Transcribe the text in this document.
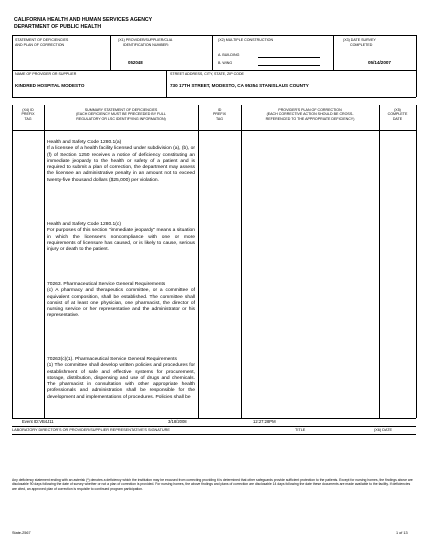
CALIFORNIA HEALTH AND HUMAN SERVICES AGENCY
DEPARTMENT OF PUBLIC HEALTH
STATEMENT OF DEFICIENCIES
AND PLAN OF CORRECTION
(X1) PROVIDER/SUPPLIER/CLIA
IDENTIFICATION NUMBER:
052048
(X2) MULTIPLE CONSTRUCTION
A. BUILDING
B. WING
(X3) DATE SURVEY
COMPLETED
05/14/2007
NAME OF PROVIDER OR SUPPLIER
KINDRED HOSPITAL MODESTO
STREET ADDRESS, CITY, STATE, ZIP CODE
730 17TH STREET, MODESTO, CA 95354 STANISLAUS COUNTY
(X4) ID
PREFIX
TAG
SUMMARY STATEMENT OF DEFICIENCIES
(EACH DEFICIENCY MUST BE PRECEEDED BY FULL
REGULATORY OR LSC IDENTIFYING INFORMATION)
ID
PREFIX
TAG
PROVIDER'S PLAN OF CORRECTION
(EACH CORRECTIVE ACTION SHOULD BE CROSS-
REFERENCED TO THE APPROPRIATE DEFICIENCY)
(X5)
COMPLETE
DATE
Health and Safety Code 1280.1(a)
If a licensee of a health facility licensed under subdivision (a), (b), or (f) of Section 1250 receives a notice of deficiency constituting an immediate jeopardy to the health or safety of a patient and is required to submit a plan of correction, the department may assess the licensee an administrative penalty in an amount not to exceed twenty-five thousand dollars ($25,000) per violation.
Health and Safety Code 1280.1(c)
For purposes of this section "immediate jeopardy" means a situation in which the licensee's noncompliance with one or more requirements of licensure has caused, or is likely to cause, serious injury or death to the patient.
70263. Pharmaceutical Service General Requirements
(c) A pharmacy and therapeutics committee, or a committee of equivalent composition, shall be established. The committee shall consist of at least one physician, one pharmacist, the director of nursing service or her representative and the administrator or his representative.
70263(c)(1). Pharmaceutical Service General Requirements
(1) The committee shall develop written policies and procedures for establishment of safe and effective systems for procurement, storage, distribution, dispensing and use of drugs and chemicals. The pharmacist in consultation with other appropriate health professionals and administration shall be responsible for the development and implementations of procedures. Policies shall be
Event ID:VB4J11	3/18/2008	12:27:28PM
LABORATORY DIRECTOR'S OR PROVIDER/SUPPLIER REPRESENTATIVE'S SIGNATURE	TITLE	(X6) DATE
Any deficiency statement ending with an asterisk (*) denotes a deficiency which the institution may be excused from correcting providing it is determined that other safeguards provide sufficient protection to the patients. Except for nursing homes, the findings above are disclosable 90 days following the date of survey whether or not a plan of correction is provided. For nursing homes, the above findings and plans of correction are disclosable 14 days following the date these documents are made available to the facility. If deficiencies are cited, an approved plan of correction is requisite to continued program participation.
State-2567	1 of 13
